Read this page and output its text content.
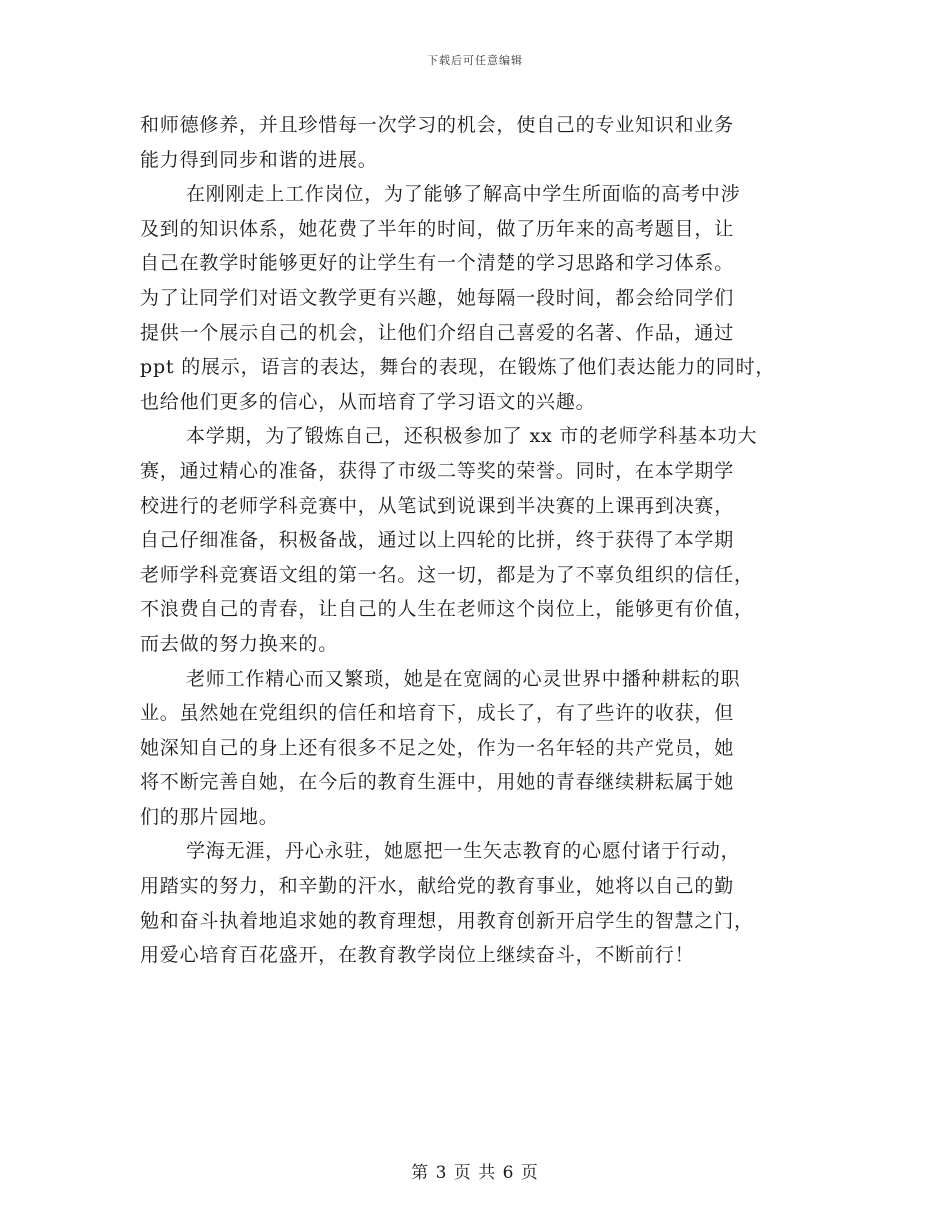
下载后可任意编辑
和师德修养，并且珍惜每一次学习的机会，使自己的专业知识和业务
能力得到同步和谐的进展。
在刚刚走上工作岗位，为了能够了解高中学生所面临的高考中涉
及到的知识体系，她花费了半年的时间，做了历年来的高考题目，让
自己在教学时能够更好的让学生有一个清楚的学习思路和学习体系。
为了让同学们对语文教学更有兴趣，她每隔一段时间，都会给同学们
提供一个展示自己的机会，让他们介绍自己喜爱的名著、作品，通过
ppt 的展示，语言的表达，舞台的表现，在锻炼了他们表达能力的同时，
也给他们更多的信心，从而培育了学习语文的兴趣。
本学期，为了锻炼自己，还积极参加了 xx 市的老师学科基本功大
赛，通过精心的准备，获得了市级二等奖的荣誉。同时，在本学期学
校进行的老师学科竞赛中，从笔试到说课到半决赛的上课再到决赛，
自己仔细准备，积极备战，通过以上四轮的比拼，终于获得了本学期
老师学科竞赛语文组的第一名。这一切，都是为了不辜负组织的信任，
不浪费自己的青春，让自己的人生在老师这个岗位上，能够更有价值，
而去做的努力换来的。
老师工作精心而又繁琐，她是在宽阔的心灵世界中播种耕耘的职
业。虽然她在党组织的信任和培育下，成长了，有了些许的收获，但
她深知自己的身上还有很多不足之处，作为一名年轻的共产党员，她
将不断完善自她，在今后的教育生涯中，用她的青春继续耕耘属于她
们的那片园地。
学海无涯，丹心永驻，她愿把一生矢志教育的心愿付诸于行动，
用踏实的努力，和辛勤的汗水，献给党的教育事业，她将以自己的勤
勉和奋斗执着地追求她的教育理想，用教育创新开启学生的智慧之门，
用爱心培育百花盛开，在教育教学岗位上继续奋斗，不断前行！
第 3 页 共 6 页
